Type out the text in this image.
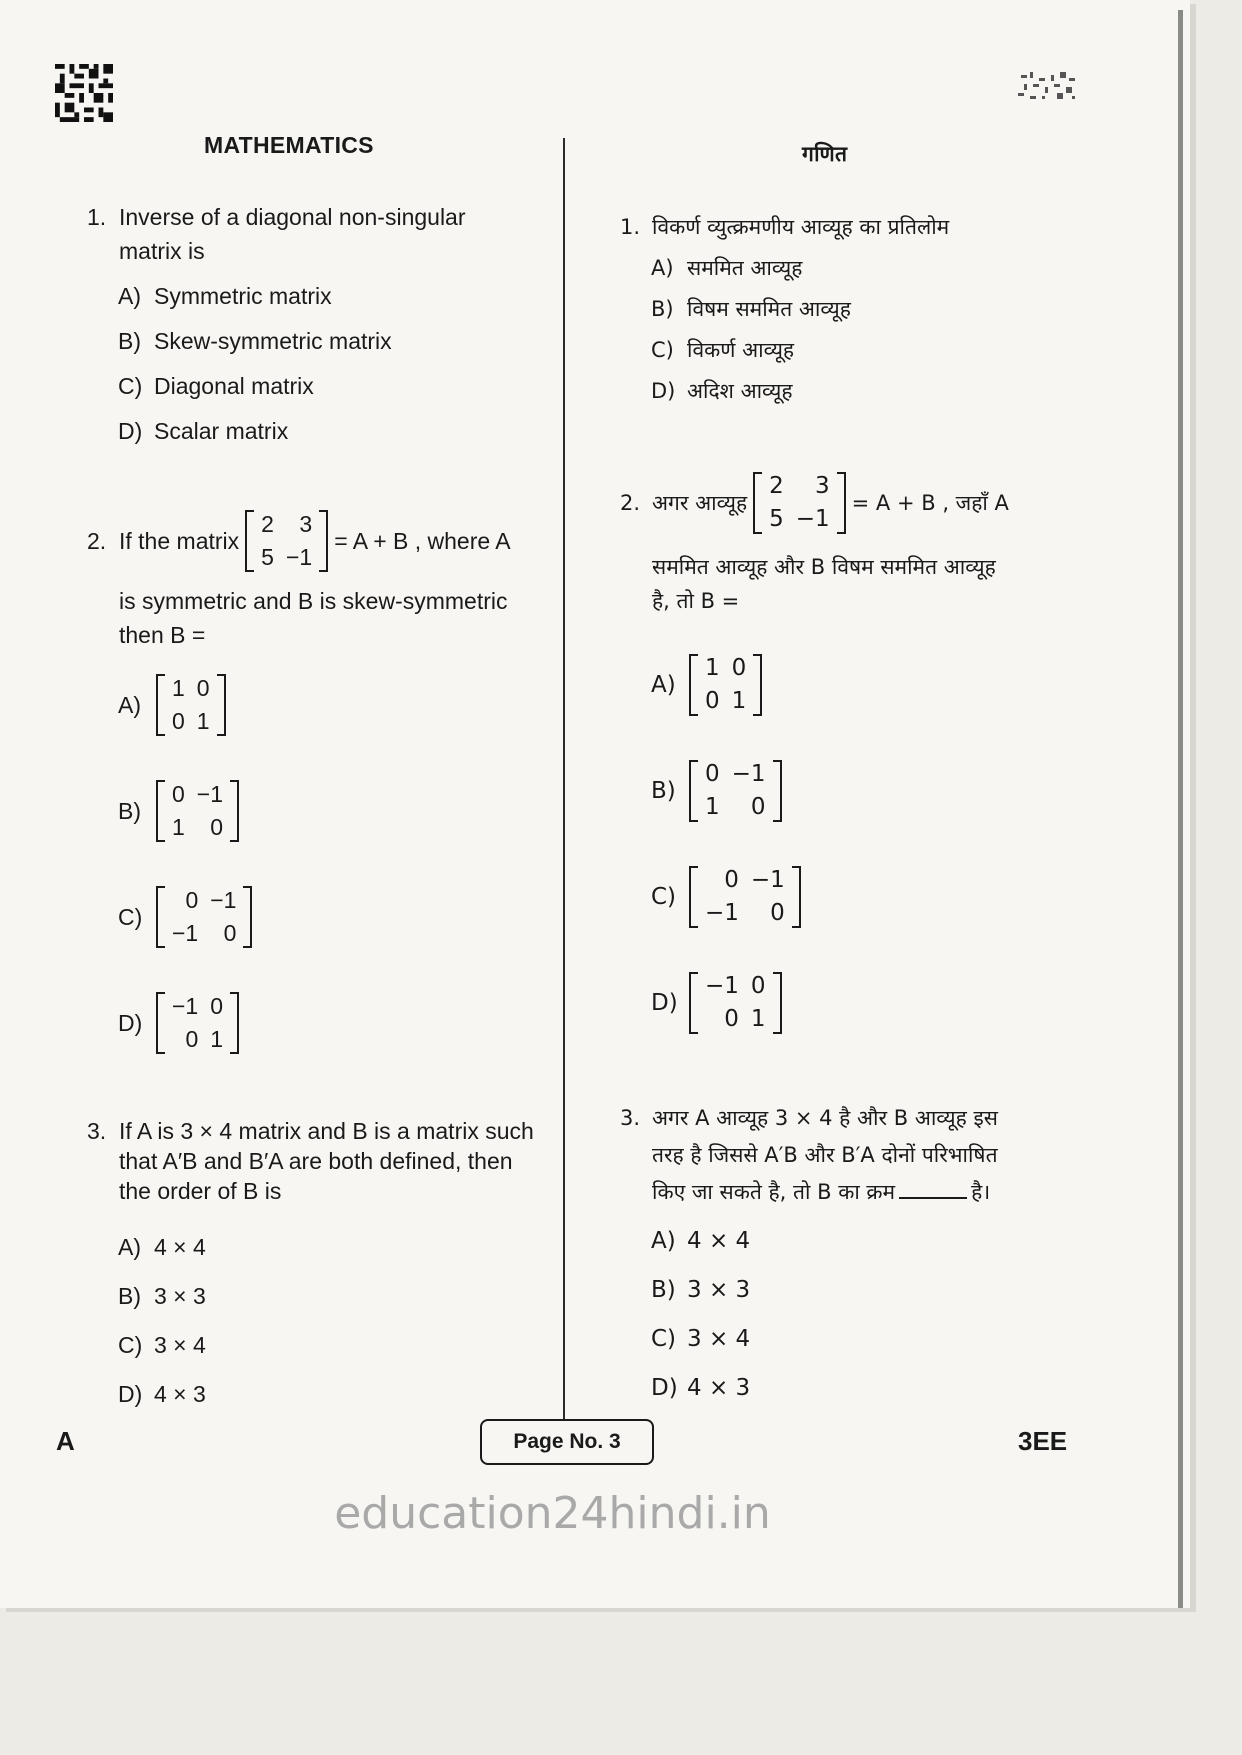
MATHEMATICS	गणित
1. Inverse of a diagonal non-singular
matrix is
A) Symmetric matrix
B) Skew-symmetric matrix
C) Diagonal matrix
D) Scalar matrix
2. If the matrix
2	3
5	−1
= A + B , where A
is symmetric and B is skew-symmetric
then B =
A)
1	0
0	1
B)
0	−1
1	0
C)
0	−1
−1	0
D)
−1	0
0	1
3. If A is 3 × 4 matrix and B is a matrix such
that A′B and B′A are both defined, then
the order of B is
A) 4 × 4
B) 3 × 3
C) 3 × 4
D) 4 × 3
1. विकर्ण व्युत्क्रमणीय आव्यूह का प्रतिलोम
A) सममित आव्यूह
B) विषम सममित आव्यूह
C) विकर्ण आव्यूह
D) अदिश आव्यूह
2. अगर आव्यूह
2	3
5	−1
= A + B , जहाँ A
सममित आव्यूह और B विषम सममित आव्यूह
है, तो B =
A)
1	0
0	1
B)
0	−1
1	0
C)
0	−1
−1	0
D)
−1	0
0	1
3. अगर A आव्यूह 3 × 4 है और B आव्यूह इस
तरह है जिससे A′B और B′A दोनों परिभाषित
किए जा सकते है, तो B का क्रम	है।
A) 4 × 4
B) 3 × 3
C) 3 × 4
D) 4 × 3
A	Page No. 3	3EE
education24hindi.in
